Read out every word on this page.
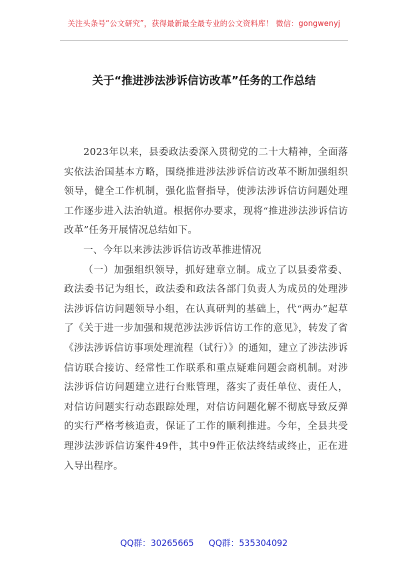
关注头条号“公文研究”，获得最新最全最专业的公文资料库！ 微信：gongwenyj
关于“推进涉法涉诉信访改革”任务的工作总结

2023年以来，县委政法委深入贯彻党的二十大精神，全面落实依法治国基本方略，围绕推进涉法涉诉信访改革不断加强组织领导，健全工作机制，强化监督指导，使涉法涉诉信访问题处理工作逐步进入法治轨道。根据你办要求，现将“推进涉法涉诉信访改革”任务开展情况总结如下。

一、今年以来涉法涉诉信访改革推进情况

（一）加强组织领导，抓好建章立制。成立了以县委常委、政法委书记为组长，政法委和政法各部门负责人为成员的处理涉法涉诉信访问题领导小组，在认真研判的基础上，代“两办”起草了《关于进一步加强和规范涉法涉诉信访工作的意见》，转发了省《涉法涉诉信访事项处理流程（试行）》的通知，建立了涉法涉诉信访联合接访、经常性工作联系和重点疑难问题会商机制。对涉法涉诉信访问题建立进行台账管理，落实了责任单位、责任人，对信访问题实行动态跟踪处理，对信访问题化解不彻底导致反弹的实行严格考核追责，保证了工作的顺利推进。今年，全县共受理涉法涉诉信访案件49件，其中9件正依法终结或终止，正在进入导出程序。

QQ群：30265665 QQ群：535304092
